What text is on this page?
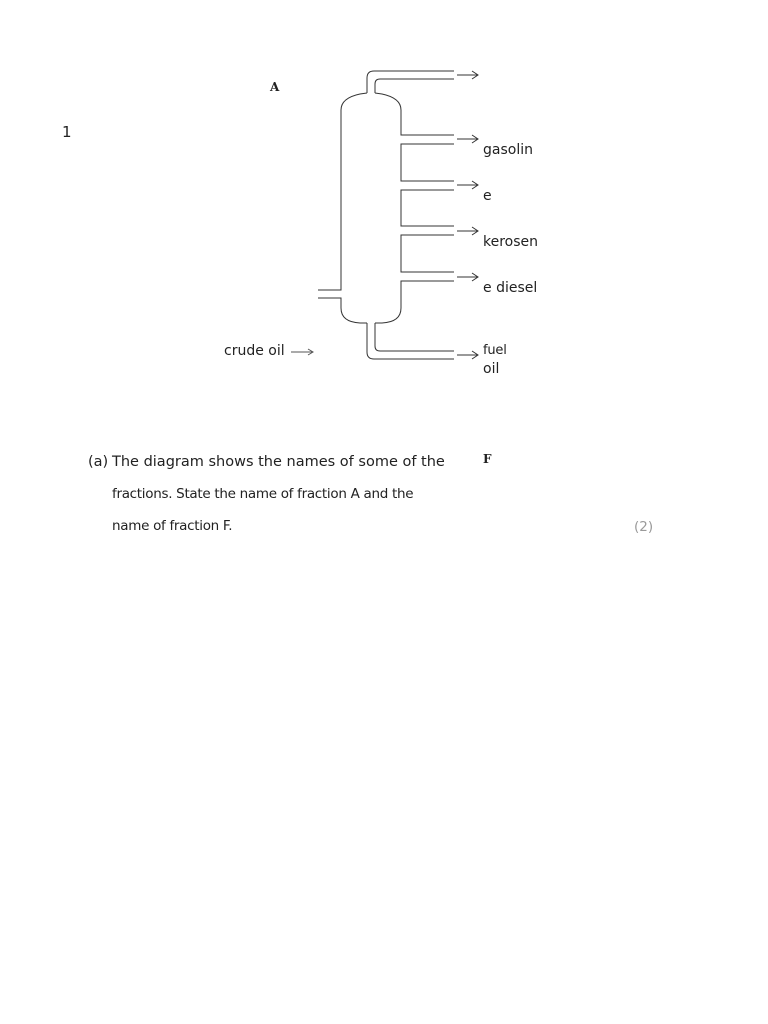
1
A
gasolin
e
kerosen
e diesel
fuel
oil
crude oil
F
(a) The diagram shows the names of some of the
fractions. State the name of fraction A and the
name of fraction F.	(2)
